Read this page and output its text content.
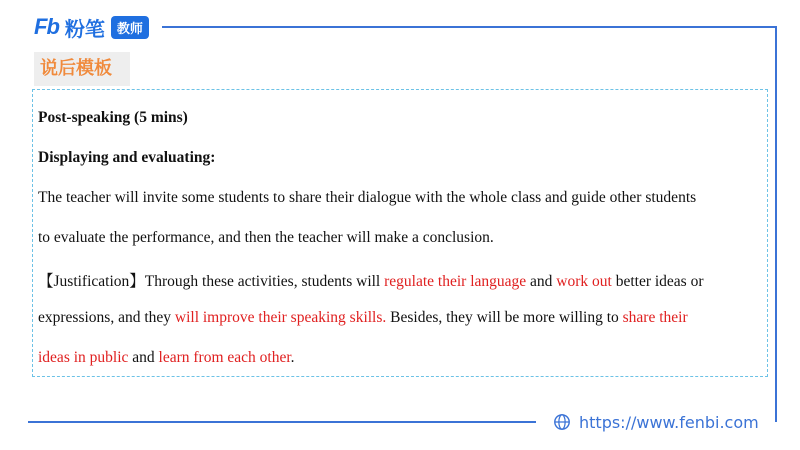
Fb 粉笔 教师
说后模板
Post-speaking (5 mins)
Displaying and evaluating:
The teacher will invite some students to share their dialogue with the whole class and guide other students
to evaluate the performance, and then the teacher will make a conclusion.
【Justification】Through these activities, students will regulate their language and work out better ideas or
expressions, and they will improve their speaking skills. Besides, they will be more willing to share their
ideas in public and learn from each other.
https://www.fenbi.com
